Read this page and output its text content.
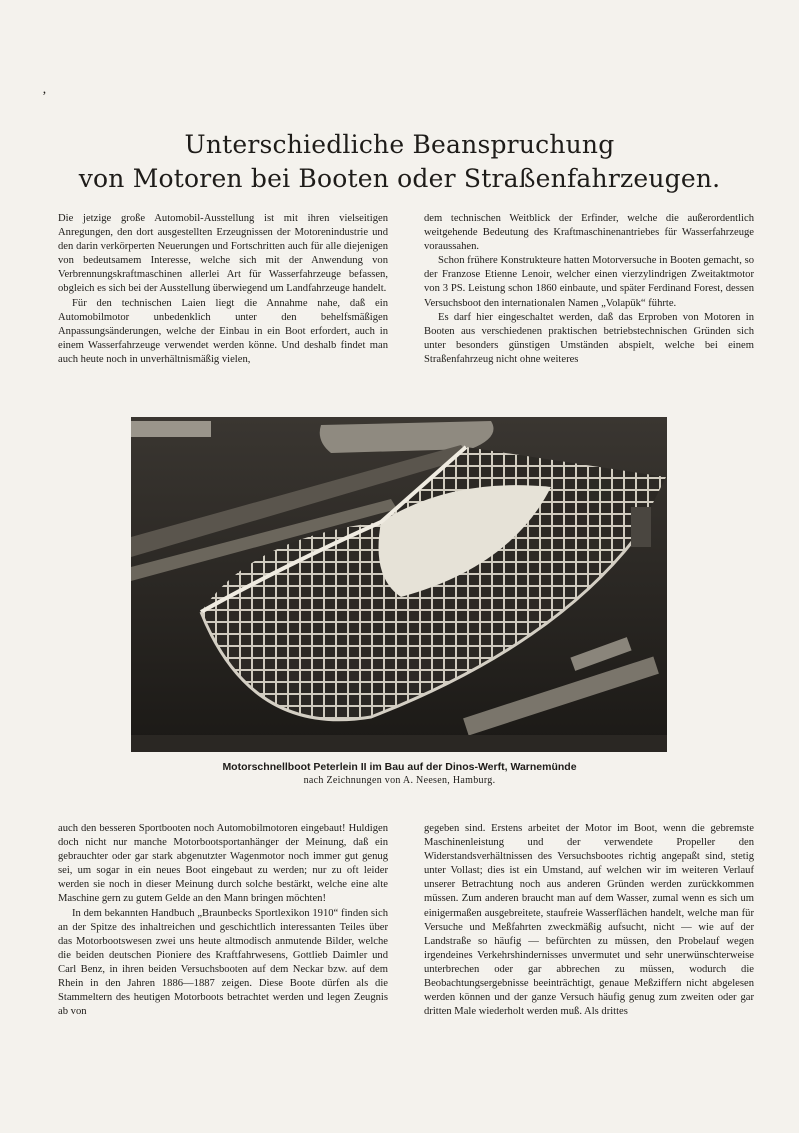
‚
Unterschiedliche Beanspruchung
von Motoren bei Booten oder Straßenfahrzeugen.

Die jetzige große Automobil-Ausstellung ist mit ihren vielseitigen Anregungen, den dort ausgestellten Erzeugnissen der Motorenindustrie und den darin verkörperten Neuerungen und Fortschritten auch für alle diejenigen von bedeutsamem Interesse, welche sich mit der Anwendung von Verbrennungskraftmaschinen allerlei Art für Wasserfahrzeuge befassen, obgleich es sich bei der Ausstellung überwiegend um Landfahrzeuge handelt.

Für den technischen Laien liegt die Annahme nahe, daß ein Automobilmotor unbedenklich unter den behelfsmäßigen Anpassungsänderungen, welche der Einbau in ein Boot erfordert, auch in einem Wasserfahrzeuge verwendet werden könne. Und deshalb findet man auch heute noch in unverhältnismäßig vielen,

dem technischen Weitblick der Erfinder, welche die außerordentlich weitgehende Bedeutung des Kraftmaschinenantriebes für Wasserfahrzeuge voraussahen.

Schon frühere Konstrukteure hatten Motorversuche in Booten gemacht, so der Franzose Etienne Lenoir, welcher einen vierzylindrigen Zweitaktmotor von 3 PS. Leistung schon 1860 einbaute, und später Ferdinand Forest, dessen Versuchsboot den internationalen Namen „Volapük“ führte.

Es darf hier eingeschaltet werden, daß das Erproben von Motoren in Booten aus verschiedenen praktischen betriebstechnischen Gründen sich unter besonders günstigen Umständen abspielt, welche bei einem Straßenfahrzeug nicht ohne weiteres

Motorschnellboot Peterlein II im Bau auf der Dinos-Werft, Warnemünde
nach Zeichnungen von A. Neesen, Hamburg.

auch den besseren Sportbooten noch Automobilmotoren eingebaut! Huldigen doch nicht nur manche Motorbootsportanhänger der Meinung, daß ein gebrauchter oder gar stark abgenutzter Wagenmotor noch immer gut genug sei, um sogar in ein neues Boot eingebaut zu werden; nur zu oft leider werden sie noch in dieser Meinung durch solche bestärkt, welche eine alte Maschine gern zu gutem Gelde an den Mann bringen möchten!

In dem bekannten Handbuch „Braunbecks Sportlexikon 1910“ finden sich an der Spitze des inhaltreichen und geschichtlich interessanten Teiles über das Motorbootswesen zwei uns heute altmodisch anmutende Bilder, welche die beiden deutschen Pioniere des Kraftfahrwesens, Gottlieb Daimler und Carl Benz, in ihren beiden Versuchsbooten auf dem Neckar bzw. auf dem Rhein in den Jahren 1886—1887 zeigen. Diese Boote dürfen als die Stammeltern des heutigen Motorboots betrachtet werden und legen Zeugnis ab von

gegeben sind. Erstens arbeitet der Motor im Boot, wenn die gebremste Maschinenleistung und der verwendete Propeller den Widerstandsverhältnissen des Versuchsbootes richtig angepaßt sind, stetig unter Vollast; dies ist ein Umstand, auf welchen wir im weiteren Verlauf unserer Betrachtung noch aus anderen Gründen werden zurückkommen müssen. Zum anderen braucht man auf dem Wasser, zumal wenn es sich um einigermaßen ausgebreitete, staufreie Wasserflächen handelt, welche man für Versuche und Meßfahrten zweckmäßig aufsucht, nicht — wie auf der Landstraße so häufig — befürchten zu müssen, den Probelauf wegen irgendeines Verkehrshindernisses unvermutet und sehr unerwünschterweise unterbrechen oder gar abbrechen zu müssen, wodurch die Beobachtungsergebnisse beeinträchtigt, genaue Meßziffern nicht abgelesen werden können und der ganze Versuch häufig genug zum zweiten oder gar dritten Male wiederholt werden muß. Als drittes
